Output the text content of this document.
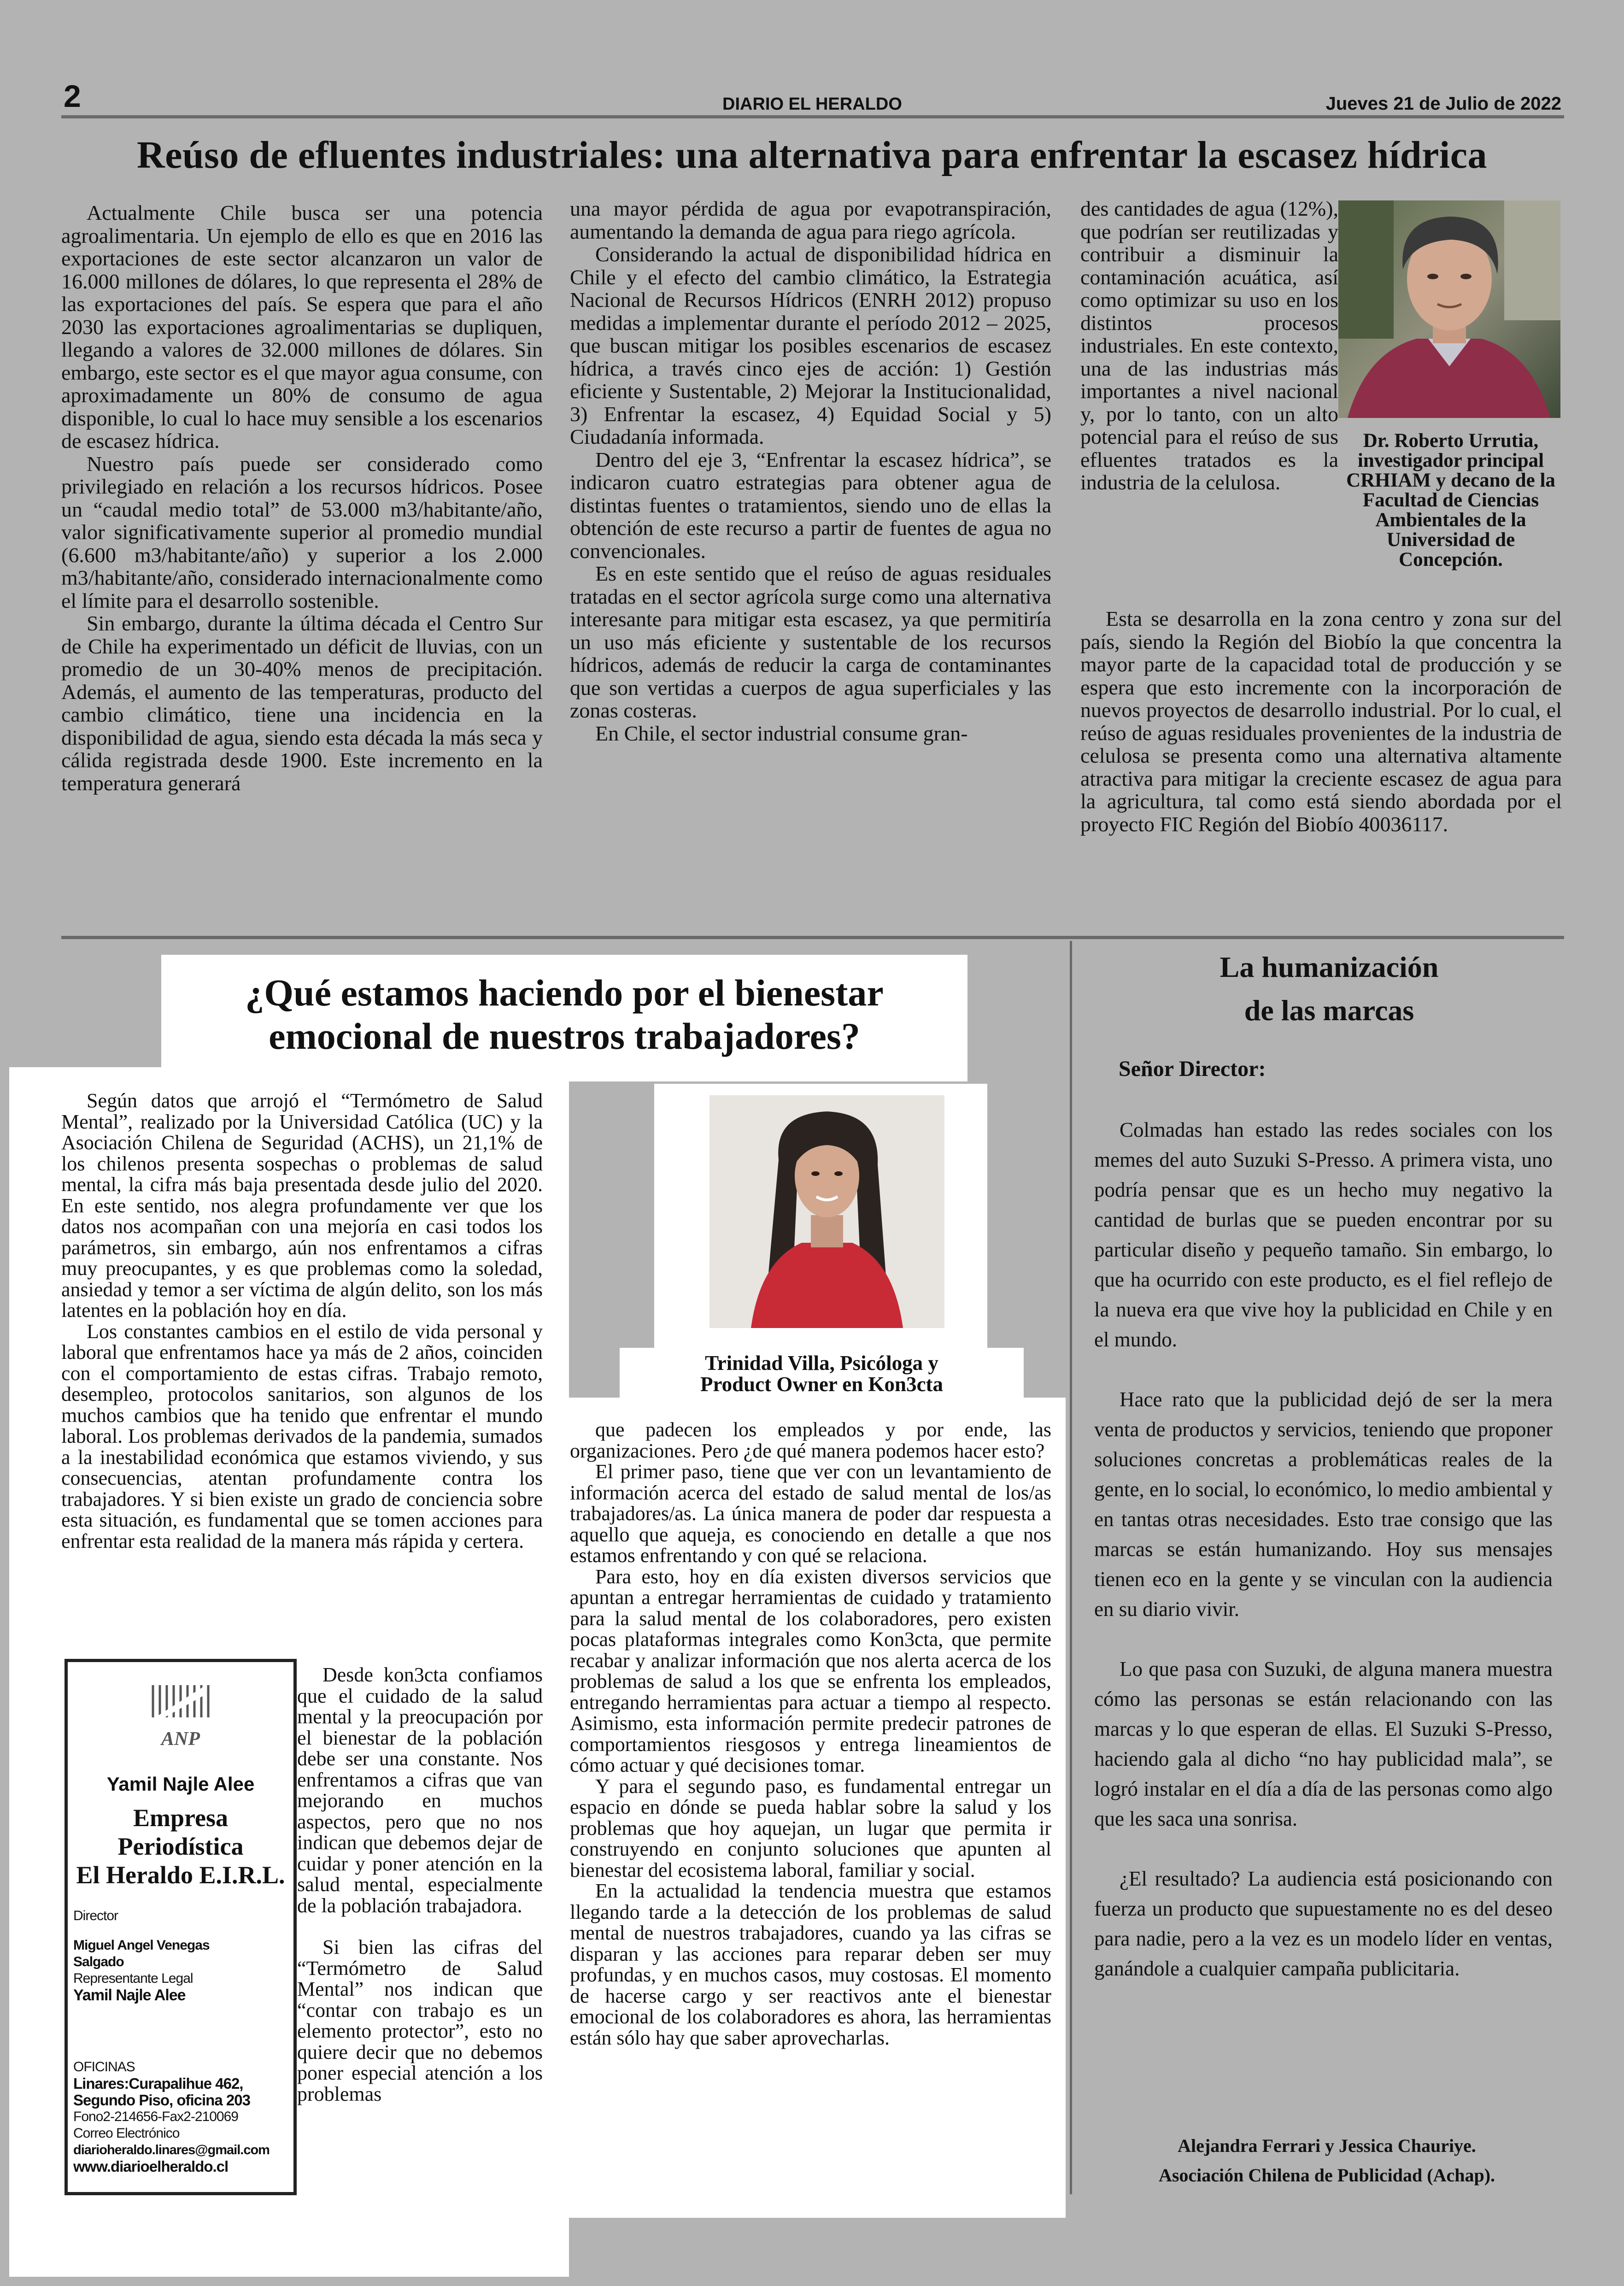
2	DIARIO EL HERALDO	Jueves 21 de Julio de 2022
Reúso de efluentes industriales: una alternativa para enfrentar la escasez hídrica

Actualmente Chile busca ser una potencia agroalimentaria. Un ejemplo de ello es que en 2016 las exportaciones de este sector alcanzaron un valor de 16.000 millones de dólares, lo que representa el 28% de las exportaciones del país. Se espera que para el año 2030 las exportaciones agroalimentarias se dupliquen, llegando a valores de 32.000 millones de dólares. Sin embargo, este sector es el que mayor agua consume, con aproximadamente un 80% de consumo de agua disponible, lo cual lo hace muy sensible a los escenarios de escasez hídrica.

Nuestro país puede ser considerado como privilegiado en relación a los recursos hídricos. Posee un “caudal medio total” de 53.000 m3/habitante/año, valor significativamente superior al promedio mundial (6.600 m3/habitante/año) y superior a los 2.000 m3/habitante/año, considerado internacionalmente como el límite para el desarrollo sostenible.

Sin embargo, durante la última década el Centro Sur de Chile ha experimentado un déficit de lluvias, con un promedio de un 30-40% menos de precipitación. Además, el aumento de las temperaturas, producto del cambio climático, tiene una incidencia en la disponibilidad de agua, siendo esta década la más seca y cálida registrada desde 1900. Este incremento en la temperatura generará

una mayor pérdida de agua por evapotranspiración, aumentando la demanda de agua para riego agrícola.

Considerando la actual de disponibilidad hídrica en Chile y el efecto del cambio climático, la Estrategia Nacional de Recursos Hídricos (ENRH 2012) propuso medidas a implementar durante el período 2012 – 2025, que buscan mitigar los posibles escenarios de escasez hídrica, a través cinco ejes de acción: 1) Gestión eficiente y Sustentable, 2) Mejorar la Institucionalidad, 3) Enfrentar la escasez, 4) Equidad Social y 5) Ciudadanía informada.

Dentro del eje 3, “Enfrentar la escasez hídrica”, se indicaron cuatro estrategias para obtener agua de distintas fuentes o tratamientos, siendo uno de ellas la obtención de este recurso a partir de fuentes de agua no convencionales.

Es en este sentido que el reúso de aguas residuales tratadas en el sector agrícola surge como una alternativa interesante para mitigar esta escasez, ya que permitiría un uso más eficiente y sustentable de los recursos hídricos, además de reducir la carga de contaminantes que son vertidas a cuerpos de agua superficiales y las zonas costeras.

En Chile, el sector industrial consume gran-

des cantidades de agua (12%), que podrían ser reutilizadas y contribuir a disminuir la contaminación acuática, así como optimizar su uso en los distintos procesos industriales. En este contexto, una de las industrias más importantes a nivel nacional y, por lo tanto, con un alto potencial para el reúso de sus efluentes tratados es la industria de la celulosa.

Dr. Roberto Urrutia, investigador principal CRHIAM y decano de la Facultad de Ciencias Ambientales de la Universidad de Concepción.

Esta se desarrolla en la zona centro y zona sur del país, siendo la Región del Biobío la que concentra la mayor parte de la capacidad total de producción y se espera que esto incremente con la incorporación de nuevos proyectos de desarrollo industrial. Por lo cual, el reúso de aguas residuales provenientes de la industria de celulosa se presenta como una alternativa altamente atractiva para mitigar la creciente escasez de agua para la agricultura, tal como está siendo abordada por el proyecto FIC Región del Biobío 40036117.

¿Qué estamos haciendo por el bienestar emocional de nuestros trabajadores?

Según datos que arrojó el “Termómetro de Salud Mental”, realizado por la Universidad Católica (UC) y la Asociación Chilena de Seguridad (ACHS), un 21,1% de los chilenos presenta sospechas o problemas de salud mental, la cifra más baja presentada desde julio del 2020. En este sentido, nos alegra profundamente ver que los datos nos acompañan con una mejoría en casi todos los parámetros, sin embargo, aún nos enfrentamos a cifras muy preocupantes, y es que problemas como la soledad, ansiedad y temor a ser víctima de algún delito, son los más latentes en la población hoy en día.

Los constantes cambios en el estilo de vida personal y laboral que enfrentamos hace ya más de 2 años, coinciden con el comportamiento de estas cifras. Trabajo remoto, desempleo, protocolos sanitarios, son algunos de los muchos cambios que ha tenido que enfrentar el mundo laboral. Los problemas derivados de la pandemia, sumados a la inestabilidad económica que estamos viviendo, y sus consecuencias, atentan profundamente contra los trabajadores. Y si bien existe un grado de conciencia sobre esta situación, es fundamental que se tomen acciones para enfrentar esta realidad de la manera más rápida y certera.

Trinidad Villa, Psicóloga y Product Owner en Kon3cta

que padecen los empleados y por ende, las organizaciones. Pero ¿de qué manera podemos hacer esto?

El primer paso, tiene que ver con un levantamiento de información acerca del estado de salud mental de los/as trabajadores/as. La única manera de poder dar respuesta a aquello que aqueja, es conociendo en detalle a que nos estamos enfrentando y con qué se relaciona.

Para esto, hoy en día existen diversos servicios que apuntan a entregar herramientas de cuidado y tratamiento para la salud mental de los colaboradores, pero existen pocas plataformas integrales como Kon3cta, que permite recabar y analizar información que nos alerta acerca de los problemas de salud a los que se enfrenta los empleados, entregando herramientas para actuar a tiempo al respecto. Asimismo, esta información permite predecir patrones de comportamientos riesgosos y entrega lineamientos de cómo actuar y qué decisiones tomar.

Y para el segundo paso, es fundamental entregar un espacio en dónde se pueda hablar sobre la salud y los problemas que hoy aquejan, un lugar que permita ir construyendo en conjunto soluciones que apunten al bienestar del ecosistema laboral, familiar y social.

En la actualidad la tendencia muestra que estamos llegando tarde a la detección de los problemas de salud mental de nuestros trabajadores, cuando ya las cifras se disparan y las acciones para reparar deben ser muy profundas, y en muchos casos, muy costosas. El momento de hacerse cargo y ser reactivos ante el bienestar emocional de los colaboradores es ahora, las herramientas están sólo hay que saber aprovecharlas.

ANP
Yamil Najle Alee
Empresa Periodística
El Heraldo E.I.R.L.
Director
Miguel Angel Venegas
Salgado
Representante Legal
Yamil Najle Alee
OFICINAS
Linares:Curapalihue 462,
Segundo Piso, oficina 203
Fono2-214656-Fax2-210069
Correo Electrónico
diarioheraldo.linares@gmail.com
www.diarioelheraldo.cl

Desde kon3cta confiamos que el cuidado de la salud mental y la preocupación por el bienestar de la población debe ser una constante. Nos enfrentamos a cifras que van mejorando en muchos aspectos, pero que no nos indican que debemos dejar de cuidar y poner atención en la salud mental, especialmente de la población trabajadora.

Si bien las cifras del “Termómetro de Salud Mental” nos indican que “contar con trabajo es un elemento protector”, esto no quiere decir que no debemos poner especial atención a los problemas

La humanización
de las marcas
Señor Director:

Colmadas han estado las redes sociales con los memes del auto Suzuki S-Presso. A primera vista, uno podría pensar que es un hecho muy negativo la cantidad de burlas que se pueden encontrar por su particular diseño y pequeño tamaño. Sin embargo, lo que ha ocurrido con este producto, es el fiel reflejo de la nueva era que vive hoy la publicidad en Chile y en el mundo.

Hace rato que la publicidad dejó de ser la mera venta de productos y servicios, teniendo que proponer soluciones concretas a problemáticas reales de la gente, en lo social, lo económico, lo medio ambiental y en tantas otras necesidades. Esto trae consigo que las marcas se están humanizando. Hoy sus mensajes tienen eco en la gente y se vinculan con la audiencia en su diario vivir.

Lo que pasa con Suzuki, de alguna manera muestra cómo las personas se están relacionando con las marcas y lo que esperan de ellas. El Suzuki S-Presso, haciendo gala al dicho “no hay publicidad mala”, se logró instalar en el día a día de las personas como algo que les saca una sonrisa.

¿El resultado? La audiencia está posicionando con fuerza un producto que supuestamente no es del deseo para nadie, pero a la vez es un modelo líder en ventas, ganándole a cualquier campaña publicitaria.

Alejandra Ferrari y Jessica Chauriye.
Asociación Chilena de Publicidad (Achap).
